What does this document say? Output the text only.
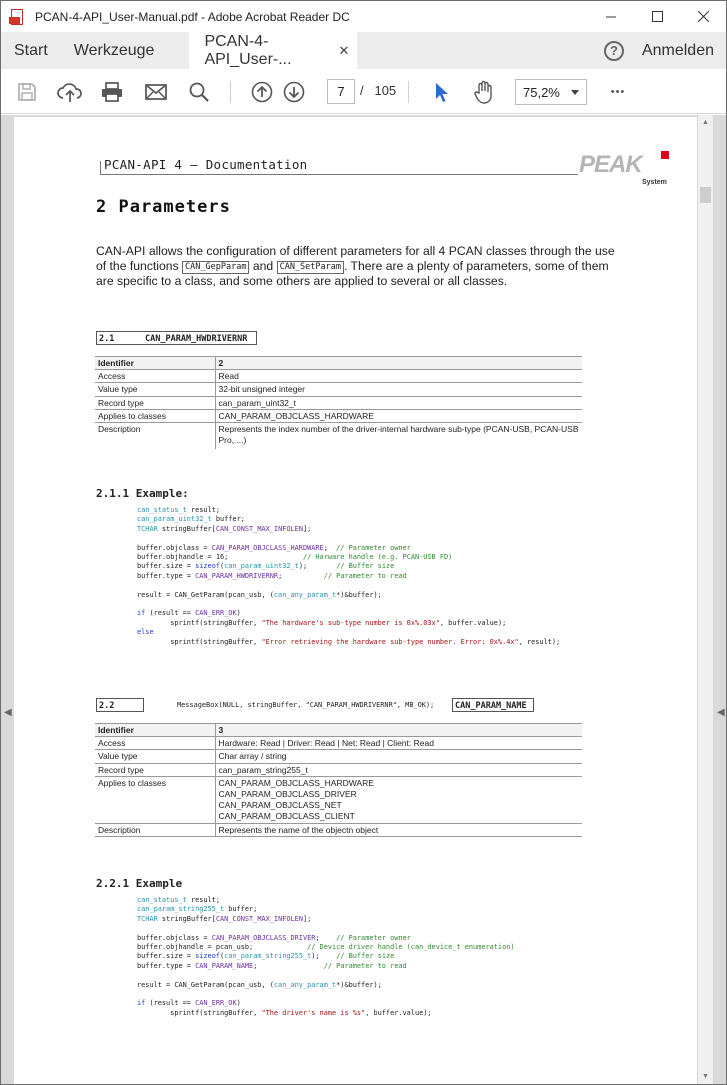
PCAN-4-API_User-Manual.pdf - Adobe Acrobat Reader DC
Start	Werkzeuge
PCAN-4-API_User-...	✕	?	Anmelden
7	/ 105	75,2%	•••
◀	◀
PCAN-API 4 – Documentation	PEAK
System
2 Parameters
CAN-API allows the configuration of different parameters for all 4 PCAN classes through the use of the functions CAN_GepParam and CAN_SetParam . There are a plenty of parameters, some of them are specific to a class, and some others are applied to several or all classes.
2.1	CAN_PARAM_HWDRIVERNR
Identifier	2
Access	Read
Value type	32-bit unsigned integer
Record type	can_param_uint32_t
Applies to classes	CAN_PARAM_OBJCLASS_HARDWARE
Description	Represents the index number of the driver-internal hardware sub-type (PCAN-USB, PCAN-USB Pro, ...)
2.1.1 Example:
can_status_t result;
can_param_uint32_t buffer;
TCHAR stringBuffer[CAN_CONST_MAX_INFOLEN];
buffer.objclass = CAN_PARAM_OBJCLASS_HARDWARE;  // Parameter owner
buffer.objhandle = 16;                  // Harware handle (e.g. PCAN-USB FD)
buffer.size = sizeof(can_param_uint32_t);       // Buffer size
buffer.type = CAN_PARAM_HWDRIVERNR;          // Parameter to read
result = CAN_GetParam(pcan_usb, (can_any_param_t*)&buffer);
if (result == CAN_ERR_OK)
sprintf(stringBuffer, "The hardware's sub-type number is 0x%.03x", buffer.value);
else
sprintf(stringBuffer, "Error retrieving the hardware sub-type number. Error: 0x%.4x", result);
2.2	MessageBox(NULL, stringBuffer, "CAN_PARAM_HWDRIVERNR", MB_OK); CAN_PARAM_NAME
Identifier	3
Access	Hardware: Read | Driver: Read | Net: Read | Client: Read
Value type	Char array / string
Record type	can_param_string255_t
Applies to classes	CAN_PARAM_OBJCLASS_HARDWARE
CAN_PARAM_OBJCLASS_DRIVER
CAN_PARAM_OBJCLASS_NET
CAN_PARAM_OBJCLASS_CLIENT
Description	Represents the name of the objectn object
2.2.1 Example
can_status_t result;
can_param_string255_t buffer;
TCHAR stringBuffer[CAN_CONST_MAX_INFOLEN];
buffer.objclass = CAN_PARAM_OBJCLASS_DRIVER;    // Parameter owner
buffer.objhandle = pcan_usb;             // Device driver handle (can_device_t enumeration)
buffer.size = sizeof(can_param_string255_t);    // Buffer size
buffer.type = CAN_PARAM_NAME;                // Parameter to read
result = CAN_GetParam(pcan_usb, (can_any_param_t*)&buffer);
if (result == CAN_ERR_OK)
sprintf(stringBuffer, "The driver's name is %s", buffer.value);
▲
▼
